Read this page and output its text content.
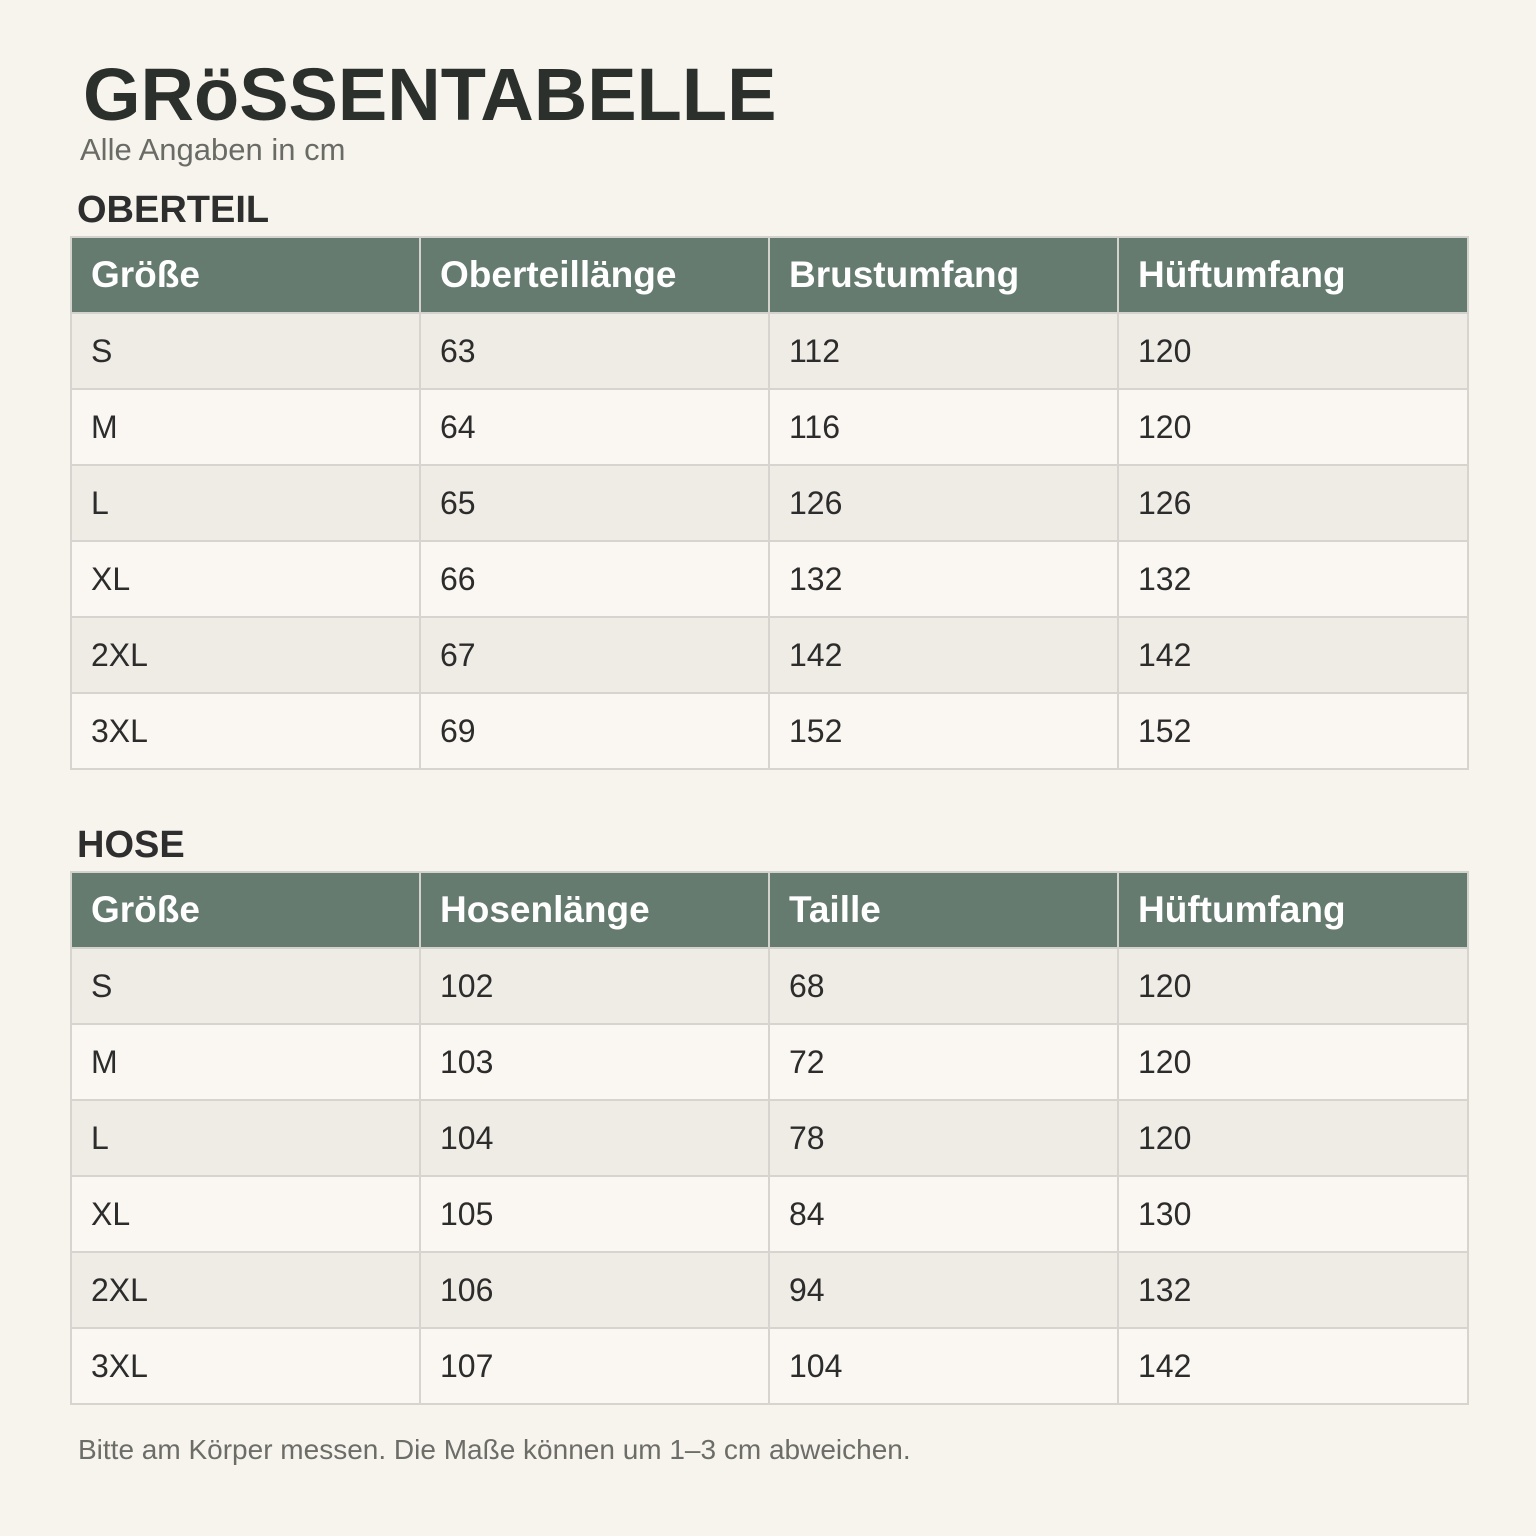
GRöSSENTABELLE
Alle Angaben in cm
OBERTEIL
Größe	Oberteillänge	Brustumfang	Hüftumfang
S	63	112	120
M	64	116	120
L	65	126	126
XL	66	132	132
2XL	67	142	142
3XL	69	152	152
HOSE
Größe	Hosenlänge	Taille	Hüftumfang
S	102	68	120
M	103	72	120
L	104	78	120
XL	105	84	130
2XL	106	94	132
3XL	107	104	142
Bitte am Körper messen. Die Maße können um 1–3 cm abweichen.
